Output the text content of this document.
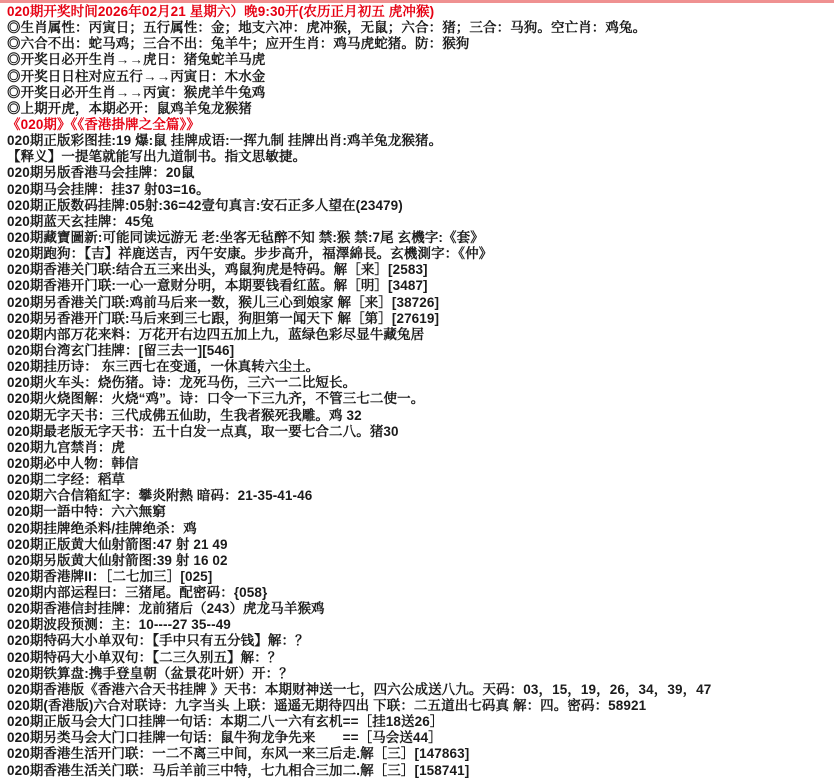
020期开奖时间2026年02月21 星期六）晚9:30开(农历正月初五 虎冲猴)
◎生肖属性：丙寅日；五行属性：金；地支六冲：虎冲猴，无鼠；六合：猪；三合：马狗。空亡肖：鸡兔。
◎六合不出：蛇马鸡；三合不出：兔羊牛；应开生肖：鸡马虎蛇猪。防：猴狗
◎开奖日必开生肖→→虎日：猪兔蛇羊马虎
◎开奖日日柱对应五行→→丙寅日：木水金
◎开奖日必开生肖→→丙寅：猴虎羊牛兔鸡
◎上期开虎，本期必开：鼠鸡羊兔龙猴猪
《020期》《《香港掛牌之全篇》》
020期正版彩图挂:19 爆:鼠 挂牌成语:一挥九制 挂牌出肖:鸡羊兔龙猴猪。
【释义】一提笔就能写出九道制书。指文思敏捷。
020期另版香港马会挂牌：20鼠
020期马会挂牌：挂37 射03=16。
020期正版数码挂牌:05射:36=42壹句真言:安石正多人望在(23479)
020期蓝天玄挂牌：45兔
020期藏寶圖新:可能同读远游无 老:坐客无毡醉不知 禁:猴 禁:7尾 玄機字:《套》
020期跑狗：【吉】祥鹿送吉，丙午安康。步步高升，福澤綿長。玄機測字：《仲》
020期香港关门联:结合五三来出头，鸡鼠狗虎是特码。解［来］[2583]
020期香港开门联:一心一意财分明，本期要钱看红蓝。解［明］[3487]
020期另香港关门联:鸡前马后来一数，猴儿三心到娘家 解［来］[38726]
020期另香港开门联:马后来到三七跟，狗胆第一闻天下 解［第］[27619]
020期内部万花来料：万花开右边四五加上九，蓝绿色彩尽显牛藏兔居
020期台湾玄门挂牌：[留三去一][546]
020期挂历诗： 东三西七在变通，一休真转六尘土。
020期火车头：烧伤猪。诗：龙死马伤，三六一二比短长。
020期火烧图解：火烧“鸡”。诗：口令一下三九齐，不管三七二使一。
020期无字天书：三代成佛五仙助，生我者猴死我雕。鸡 32
020期最老版无字天书：五十白发一点真，取一要七合二八。猪30
020期九宫禁肖：虎
020期必中人物：韩信
020期二字经：稻草
020期六合信箱紅字：攀炎附熱 暗码：21-35-41-46
020期一語中特：六六無窮
020期挂牌绝杀料/挂牌绝杀：鸡
020期正版黄大仙射箭图:47 射 21 49
020期另版黄大仙射箭图:39 射 16 02
020期香港牌II：［二七加三］[025]
020期内部运程曰：三猪尾。配密码：{058}
020期香港信封挂牌：龙前猪后（243）虎龙马羊猴鸡
020期波段预测：主：10----27 35--49
020期特码大小单双句：【手中只有五分钱】解：？
020期特码大小单双句：【二三久别五】解：？
020期铁算盘:携手登皇朝（盆景花叶妍）开：？
020期香港版《香港六合天书挂牌 》天书：本期财神送一七，四六公成送八九。天码：03，15，19，26，34，39，47
020期(香港版)六合对联诗：九字当头 上联：遥遥无期待四出 下联：二五道出七码真 解：四。密码：58921
020期正版马会大门口挂牌一句话：本期二八一六有玄机==［挂18送26］
020期另类马会大门口挂牌一句话：鼠牛狗龙争先来　　==［马会送44］
020期香港生活开门联：一二不离三中间，东风一来三后走.解［三］[147863]
020期香港生活关门联：马后羊前三中特，七九相合三加二.解［三］[158741]
